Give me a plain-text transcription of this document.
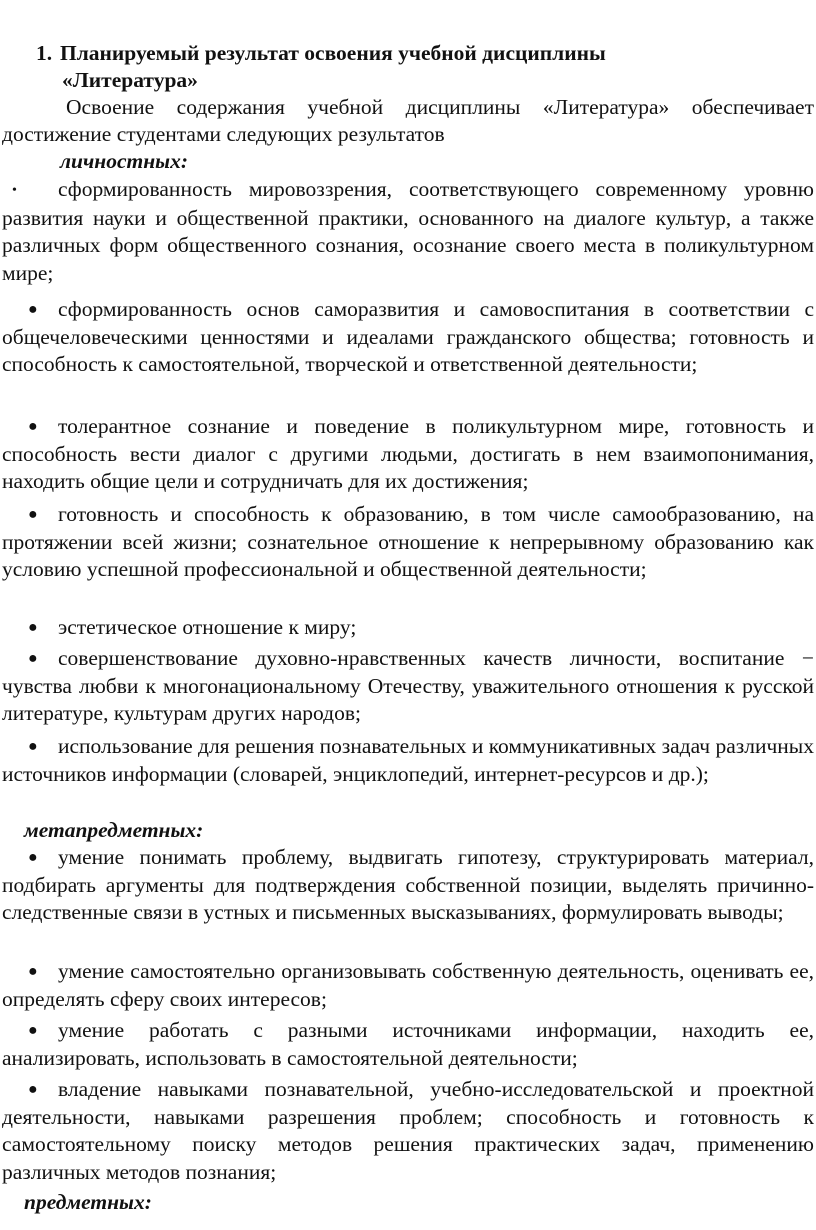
1. Планируемый результат освоения учебной дисциплины
«Литература»
Освоение содержания учебной дисциплины «Литература» обеспечивает достижение студентами следующих результатов
личностных:
• сформированность мировоззрения, соответствующего современному уровню развития науки и общественной практики, основанного на диалоге культур, а также различных форм общественного сознания, осознание своего места в поликультурном мире;
● сформированность основ саморазвития и самовоспитания в соответствии с общечеловеческими ценностями и идеалами гражданского общества; готовность и способность к самостоятельной, творческой и ответственной деятельности;
● толерантное сознание и поведение в поликультурном мире, готовность и способность вести диалог с другими людьми, достигать в нем взаимопонимания, находить общие цели и сотрудничать для их достижения;
● готовность и способность к образованию, в том числе самообразованию, на протяжении всей жизни; сознательное отношение к непрерывному образованию как условию успешной профессиональной и общественной деятельности;
● эстетическое отношение к миру;
● совершенствование духовно-нравственных качеств личности, воспитание − чувства любви к многонациональному Отечеству, уважительного отношения к русской литературе, культурам других народов;
● использование для решения познавательных и коммуникативных задач различных источников информации (словарей, энциклопедий, интернет-ресурсов и др.);
метапредметных:
● умение понимать проблему, выдвигать гипотезу, структурировать материал, подбирать аргументы для подтверждения собственной позиции, выделять причинно-следственные связи в устных и письменных высказываниях, формулировать выводы;
● умение самостоятельно организовывать собственную деятельность, оценивать ее, определять сферу своих интересов;
● умение работать с разными источниками информации, находить ее, анализировать, использовать в самостоятельной деятельности;
● владение навыками познавательной, учебно-исследовательской и проектной деятельности, навыками разрешения проблем; способность и готовность к самостоятельному поиску методов решения практических задач, применению различных методов познания;
предметных:
